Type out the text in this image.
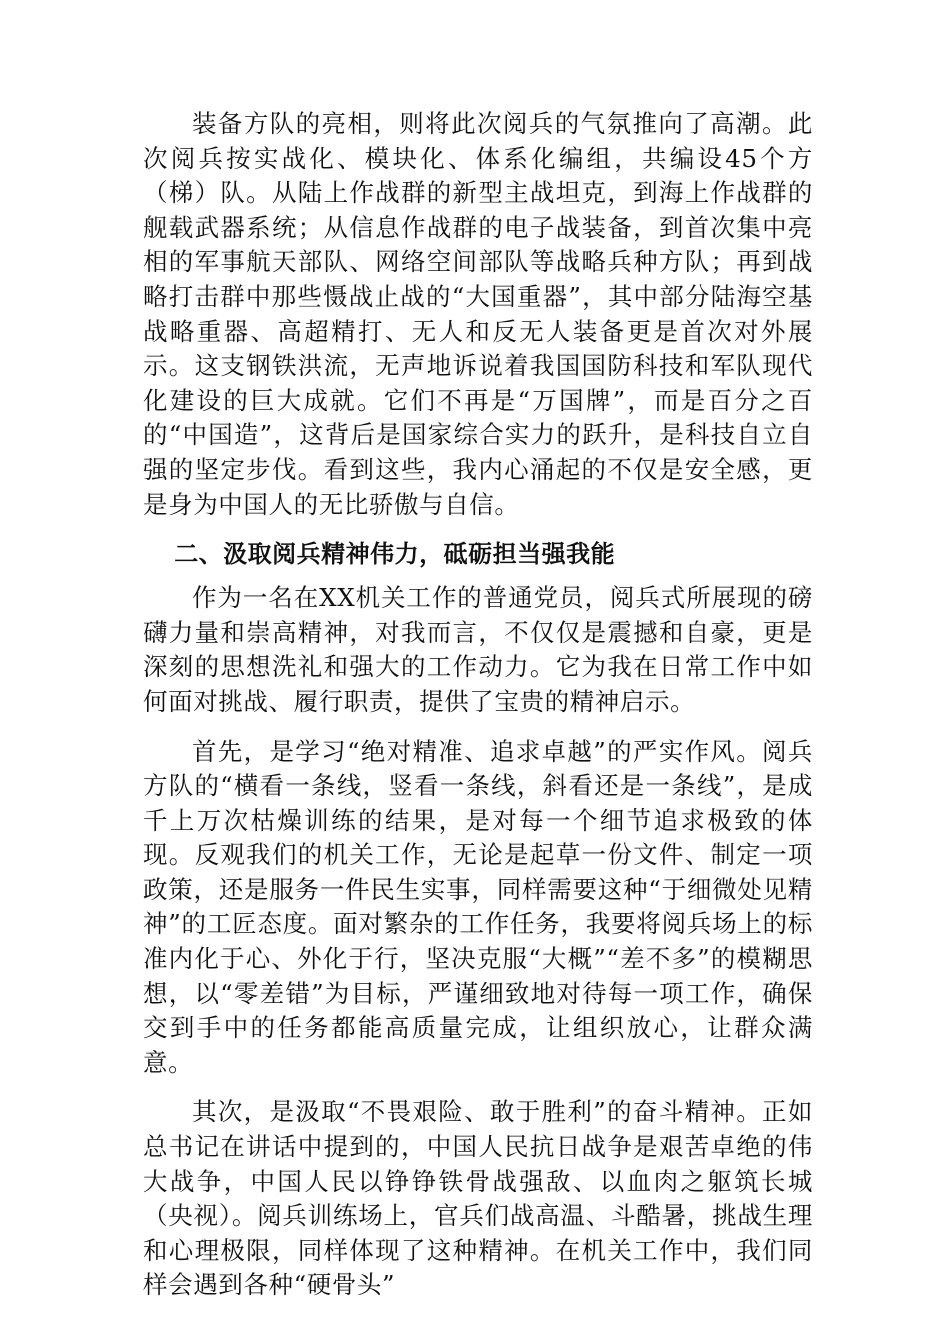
装备方队的亮相，则将此次阅兵的气氛推向了高潮。此次阅兵按实战化、模块化、体系化编组，共编设45个方（梯）队。从陆上作战群的新型主战坦克，到海上作战群的舰载武器系统；从信息作战群的电子战装备，到首次集中亮相的军事航天部队、网络空间部队等战略兵种方队；再到战略打击群中那些慑战止战的“大国重器”，其中部分陆海空基战略重器、高超精打、无人和反无人装备更是首次对外展示。这支钢铁洪流，无声地诉说着我国国防科技和军队现代化建设的巨大成就。它们不再是“万国牌”，而是百分之百的“中国造”，这背后是国家综合实力的跃升，是科技自立自强的坚定步伐。看到这些，我内心涌起的不仅是安全感，更是身为中国人的无比骄傲与自信。

二、汲取阅兵精神伟力，砥砺担当强我能

作为一名在XX机关工作的普通党员，阅兵式所展现的磅礴力量和崇高精神，对我而言，不仅仅是震撼和自豪，更是深刻的思想洗礼和强大的工作动力。它为我在日常工作中如何面对挑战、履行职责，提供了宝贵的精神启示。

首先，是学习“绝对精准、追求卓越”的严实作风。阅兵方队的“横看一条线，竖看一条线，斜看还是一条线”，是成千上万次枯燥训练的结果，是对每一个细节追求极致的体现。反观我们的机关工作，无论是起草一份文件、制定一项政策，还是服务一件民生实事，同样需要这种“于细微处见精神”的工匠态度。面对繁杂的工作任务，我要将阅兵场上的标准内化于心、外化于行，坚决克服“大概”“差不多”的模糊思想，以“零差错”为目标，严谨细致地对待每一项工作，确保交到手中的任务都能高质量完成，让组织放心，让群众满意。

其次，是汲取“不畏艰险、敢于胜利”的奋斗精神。正如总书记在讲话中提到的，中国人民抗日战争是艰苦卓绝的伟大战争，中国人民以铮铮铁骨战强敌、以血肉之躯筑长城（央视）。阅兵训练场上，官兵们战高温、斗酷暑，挑战生理和心理极限，同样体现了这种精神。在机关工作中，我们同样会遇到各种“硬骨头”
